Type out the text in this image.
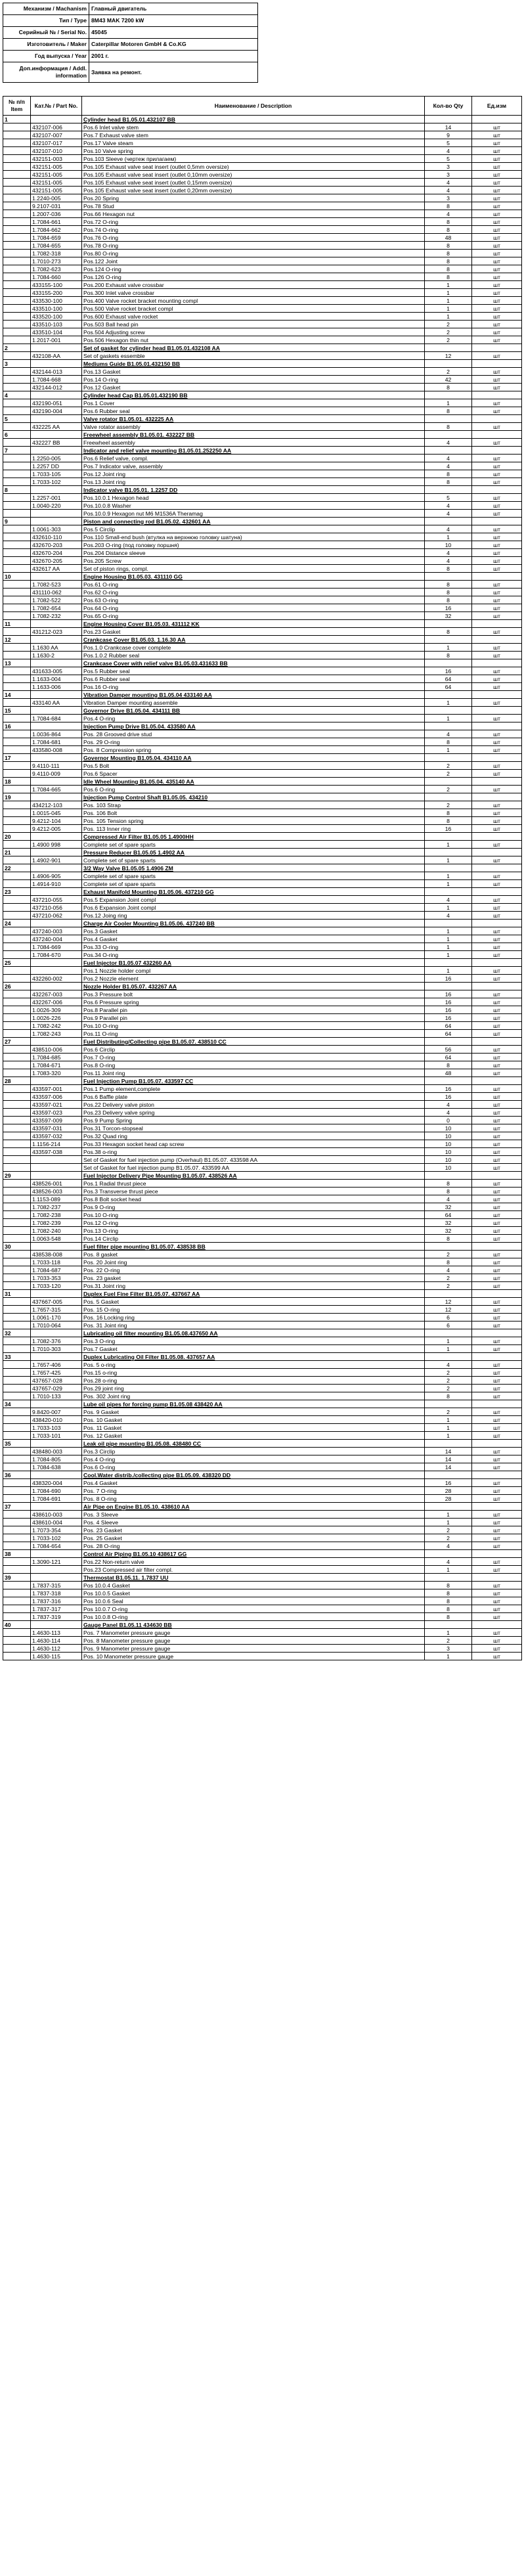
Механизм / Machanism	Главный двигатель
Тип / Type	8M43 MAK 7200 kW
Серийный № / Serial No.	45045
Изготовитель / Maker	Caterpillar Motoren GmbH & Co.KG
Год выпуска / Year	2001 г.
Доп.информация / Addl. information	Заявка на ремонт.
№ п/п Item	Кат.№ / Part No.	Наименование / Description	Кол-во Qty	Ед.изм
1		Cylinder head B1.05.01.432107 BB		
	432107-006	Pos.6 Inlet valve stem	14	шт
	432107-007	Pos.7 Exhaust valve stem	9	шт
	432107-017	Pos.17 Valve steam	5	шт
	432107-010	Pos.10 Valve spring	4	шт
	432151-003	Pos.103 Sleeve (чертеж прилагаем)	5	шт
	432151-005	Pos.105 Exhaust valve seat insert (outlet 0,5mm oversize)	3	шт
	432151-005	Pos.105 Exhaust valve seat insert (outlet 0,10mm oversize)	3	шт
	432151-005	Pos.105 Exhaust valve seat insert (outlet 0,15mm oversize)	4	шт
	432151-005	Pos.105 Exhaust valve seat insert (outlet 0,20mm oversize)	4	шт
	1.2240-005	Pos.20 Spring	3	шт
	9.2107-031	Pos.78 Stud	8	шт
	1.2007-036	Pos.66 Hexagon nut	4	шт
	1.7084-661	Pos.72 O-ring	8	шт
	1.7084-662	Pos.74 O-ring	8	шт
	1.7084-659	Pos.76 O-ring	48	шт
	1.7084-655	Pos.78 O-ring	8	шт
	1.7082-318	Pos.80 O-ring	8	шт
	1.7010-273	Pos.122 Joint	8	шт
	1.7082-623	Pos.124 O-ring	8	шт
	1.7084-660	Pos.126 O-ring	8	шт
	433155-100	Pos.200 Exhaust valve crossbar	1	шт
	433155-200	Pos.300 Inlet valve crossbar	1	шт
	433530-100	Pos.400 Valve rocket bracket mounting compl	1	шт
	433510-100	Pos.500 Valve rocket bracket compl	1	шт
	433520-100	Pos.600 Exhaust valve rocket	1	шт
	433510-103	Pos.503 Ball head pin	2	шт
	433510-104	Pos.504 Adjusting screw	2	шт
	1.2017-001	Pos.506 Hexagon thin nut	2	шт
2		Set of gasket for cylinder head B1.05.01.432108 AA		
	432108-AA	Set of gaskets essemble	12	шт
3		Mediums Guide B1.05.01.432150 BB		
	432144-013	Pos.13 Gasket	2	шт
	1.7084-668	Pos.14 O-ring	42	шт
	432144-012	Pos.12 Gasket	8	шт
4		Cylinder head Cap B1.05.01.432190 BB		
	432190-051	Pos.1 Cover	1	шт
	432190-004	Pos.6 Rubber seal	8	шт
5		Valve rotator B1.05.01. 432225 AA		
	432225 AA	Valve rotator assembly	8	шт
6		Freewheel assembly B1.05.01. 432227 BB		
	432227 BB	Freewheel assembly	4	шт
7		Indicator and relief valve mounting B1.05.01.252250 AA		
	1.2250-005	Pos.6 Relief valve, compl.	4	шт
	1.2257 DD	Pos.7 Indicator valve, assembly	4	шт
	1.7033-105	Pos.12 Joint ring	8	шт
	1.7033-102	Pos.13 Joint ring	8	шт
8		Indicator valve B1.05.01. 1.2257 DD		
	1.2257-001	Pos.10.0.1 Hexagon head	5	шт
	1.0040-220	Pos.10.0.8 Washer	4	шт
		Pos.10.0.9 Hexagon nut M6 M1536A Theramag	4	шт
9		Piston and connecting rod B1.05.02. 432601 AA		
	1.0061-303	Pos.5 Circlip	4	шт
	432610-110	Pos.110 Small-end bush (втулка на верхнюю головку шатуна)	1	шт
	432670-203	Pos.203 O-ring (под головку поршня)	10	шт
	432670-204	Pos.204 Distance sleeve	4	шт
	432670-205	Pos.205 Screw	4	шт
	432617 AA	Set of piston rings, compl.	8	шт
10		Engine Housing B1.05.03. 431110 GG		
	1.7082-523	Pos.61 O-ring	8	шт
	431110-062	Pos.62 O-ring	8	шт
	1.7082-522	Pos.63 O-ring	8	шт
	1.7082-654	Pos.64 O-ring	16	шт
	1.7082-232	Pos.65 O-ring	32	шт
11		Engine Housing Cover B1.05.03. 431112 KK		
	431212-023	Pos.23 Gasket	8	шт
12		Crankcase Cover B1.05.03. 1.16.30 AA		
	1.1630 AA	Pos.1.0 Crankcase cover complete	1	шт
	1.1630-2	Pos.1.0.2 Rubber seal	8	шт
13		Crankcase Cover with relief valve B1.05.03.431633 BB		
	431633-005	Pos.5 Rubber seal	16	шт
	1.1633-004	Pos.6 Rubber seal	64	шт
	1.1633-006	Pos.16 O-ring	64	шт
14		Vibration Damper mounting B1.05.04 433140 AA		
	433140 AA	Vibration Damper mounting assemble	1	шт
15		Governor Drive B1.05.04. 434111 BB		
	1.7084-684	Pos.4 O-ring	1	шт
16		Injection Pump Drive B1.05.04. 433580 AA		
	1.0036-864	Pos. 28 Grooved drive stud	4	шт
	1.7084-681	Pos. 29 O-ring	8	шт
	433580-008	Pos. 8 Compression spring	1	шт
17		Governor Mounting B1.05.04. 434110 AA		
	9.4110-111	Pos.5 Bolt	2	шт
	9.4110-009	Pos.6 Spacer	2	шт
18		Idle Wheel Mounting B1.05.04. 435140 AA		
	1.7084-665	Pos.6 O-ring	2	шт
19		Injection Pump Control Shaft B1.05.05. 434210		
	434212-103	Pos. 103 Strap	2	шт
	1.0015-045	Pos. 106 Bolt	8	шт
	9.4212-104	Pos. 105 Tension spring	8	шт
	9.4212-005	Pos. 113 Inner ring	16	шт
20		Compressed Air Filter B1.05.05 1.4900HH		
	1.4900 998	Complete set of spare sparts	1	шт
21		Pressure Reducer B1.05.05 1.4902 AA		
	1.4902-901	Complete set of spare sparts	1	шт
22		3/2 Way Valve B1.05.05 1.4906 ZM		
	1.4906-905	Complete set of spare sparts	1	шт
	1.4914-910	Complete set of spare sparts	1	шт
23		Exhaust Manifold Mounting B1.05.06. 437210 GG		
	437210-055	Pos.5 Expansion Joint compl	4	шт
	437210-056	Pos.6 Expansion Joint compl	1	шт
	437210-062	Pos.12 Joing ring	4	шт
24		Charge Air Cooler Mounting B1.05.06. 437240 BB		
	437240-003	Pos.3 Gasket	1	шт
	437240-004	Pos.4 Gasket	1	шт
	1.7084-669	Pos.33 O-ring	1	шт
	1.7084-670	Pos.34 O-ring	1	шт
25		Fuel Injector B1.05.07 432260 AA		
		Pos.1 Nozzle holder compl	1	шт
	432260-002	Pos.2 Nozzle element	16	шт
26		Nozzle Holder B1.05.07. 432267 AA		
	432267-003	Pos.3 Pressure bolt	16	шт
	432267-006	Pos.6 Pressure spring	16	шт
	1.0026-309	Pos.8 Parallel pin	16	шт
	1.0026-226	Pos.9 Parallel pin	16	шт
	1.7082-242	Pos.10 O-ring	64	шт
	1.7082-243	Pos.11 O-ring	64	шт
27		Fuel Distributing/Collecting pipe B1.05.07. 438510 CC		
	438510-006	Pos.6 Circlip	56	шт
	1.7084-685	Pos.7 O-ring	64	шт
	1.7084-671	Pos.8 O-ring	8	шт
	1.7083-320	Pos.11 Joint ring	48	шт
28		Fuel Injection Pump B1.05.07. 433597 CC		
	433597-001	Pos.1 Pump element,complete	16	шт
	433597-006	Pos.6 Baffle plate	16	шт
	433597-021	Pos.22 Delivery valve piston	4	шт
	433597-023	Pos.23 Delivery valve spring	4	шт
	433597-009	Pos.9 Pump Spring	0	шт
	433597-031	Pos.31 Тorcon-stopseal	10	шт
	433597-032	Pos.32 Quad ring	10	шт
	1.1156-214	Pos.33 Hexagon socket head cap screw	10	шт
	433597-038	Pos.38 o-ring	10	шт
		Set of Gasket for fuel injection pump (Overhaul) B1.05.07. 433598 AA	10	шт
		Set of Gasket for fuel injection pump B1.05.07. 433599 AA	10	шт
29		Fuel Injector Delivery Pipe Mounting B1.05.07. 438526 AA		
	438526-001	Pos.1 Radial thrust piece	8	шт
	438526-003	Pos.3 Transverse thrust piece	8	шт
	1.1153-089	Pos.8 Bolt socket head	4	шт
	1.7082-237	Pos.9 O-ring	32	шт
	1.7082-238	Pos.10 O-ring	64	шт
	1.7082-239	Pos.12 O-ring	32	шт
	1.7082-240	Pos.13 O-ring	32	шт
	1.0063-548	Pos.14 Circlip	8	шт
30		Fuel filter pipe mounting B1.05.07. 438538 BB		
	438538-008	Pos. 8 gasket	2	шт
	1.7033-118	Pos. 20 Joint ring	8	шт
	1.7084-687	Pos. 22 O-ring	4	шт
	1.7033-353	Pos. 23 gasket	2	шт
	1.7033-120	Pos.31 Joint ring	2	шт
31		Duplex Fuel Fine Filter B1.05.07. 437667 AA		
	437667-005	Pos. 5 Gasket	12	шт
	1.7657-315	Pos. 15 O-ring	12	шт
	1.0061-170	Pos. 16 Locking ring	6	шт
	1.7010-064	Pos. 31 Joint ring	6	шт
32		Lubricating oil filter mounting B1.05.08.437650 AA		
	1.7082-376	Pos.3 O-ring	1	шт
	1.7010-303	Pos.7 Gasket	1	шт
33		Duplex Lubricating Oil Filter B1.05.08. 437657 AA		
	1.7657-406	Pos. 5 o-ring	4	шт
	1.7657-425	Pos.15 o-ring	2	шт
	437657-028	Pos.28 o-ring	2	шт
	437657-029	Pos.29 joint ring	2	шт
	1.7010-133	Pos. 302 Joint ring	8	шт
34		Lube oil pipes for forcing pump B1.05.08 438420 AA		
	9.8420-007	Pos. 9 Gasket	2	шт
	438420-010	Pos. 10 Gasket	1	шт
	1.7033-103	Pos. 11 Gasket	1	шт
	1.7033-101	Pos. 12 Gasket	1	шт
35		Leak oil pipe mounting B1.05.08. 438480 CC		
	438480-003	Pos.3 Circlip	14	шт
	1.7084-805	Pos.4 O-ring	14	шт
	1.7084-638	Pos.6 O-ring	14	шт
36		Cool.Water distrib./collecting pipe B1.05.09. 438320 DD		
	438320-004	Pos.4 Gasket	16	шт
	1.7084-690	Pos. 7 O-ring	28	шт
	1.7084-691	Pos. 8 O-ring	28	шт
37		Air Pipe on Engine B1.05.10. 438610 AA		
	438610-003	Pos. 3 Sleeve	1	шт
	438610-004	Pos. 4 Sleeve	1	шт
	1.7073-354	Pos. 23 Gasket	2	шт
	1.7033-102	Pos. 25 Gasket	2	шт
	1.7084-654	Pos. 28 O-ring	4	шт
38		Control Air Piping B1.05.10 438617 GG		
	1.3090-121	Pos.22 Non-return valve	4	шт
		Pos.23 Compressed air filter compl.	1	шт
39		Thermostat B1.05.11. 1.7837 UU		
	1.7837-315	Pos 10.0.4 Gasket	8	шт
	1.7837-318	Pos 10.0.5 Gasket	8	шт
	1.7837-316	Pos 10.0.6 Seal	8	шт
	1.7837-317	Pos 10.0.7 O-ring	8	шт
	1.7837-319	Pos 10.0.8 O-ring	8	шт
40		Gauge Panel B1.05.11 434630 BB		
	1.4630-113	Pos. 7 Manometer pressure gauge	1	шт
	1.4630-114	Pos. 8 Manometer pressure gauge	2	шт
	1.4630-112	Pos. 9 Manometer pressure gauge	3	шт
	1.4630-115	Pos. 10 Manometer pressure gauge	1	шт
